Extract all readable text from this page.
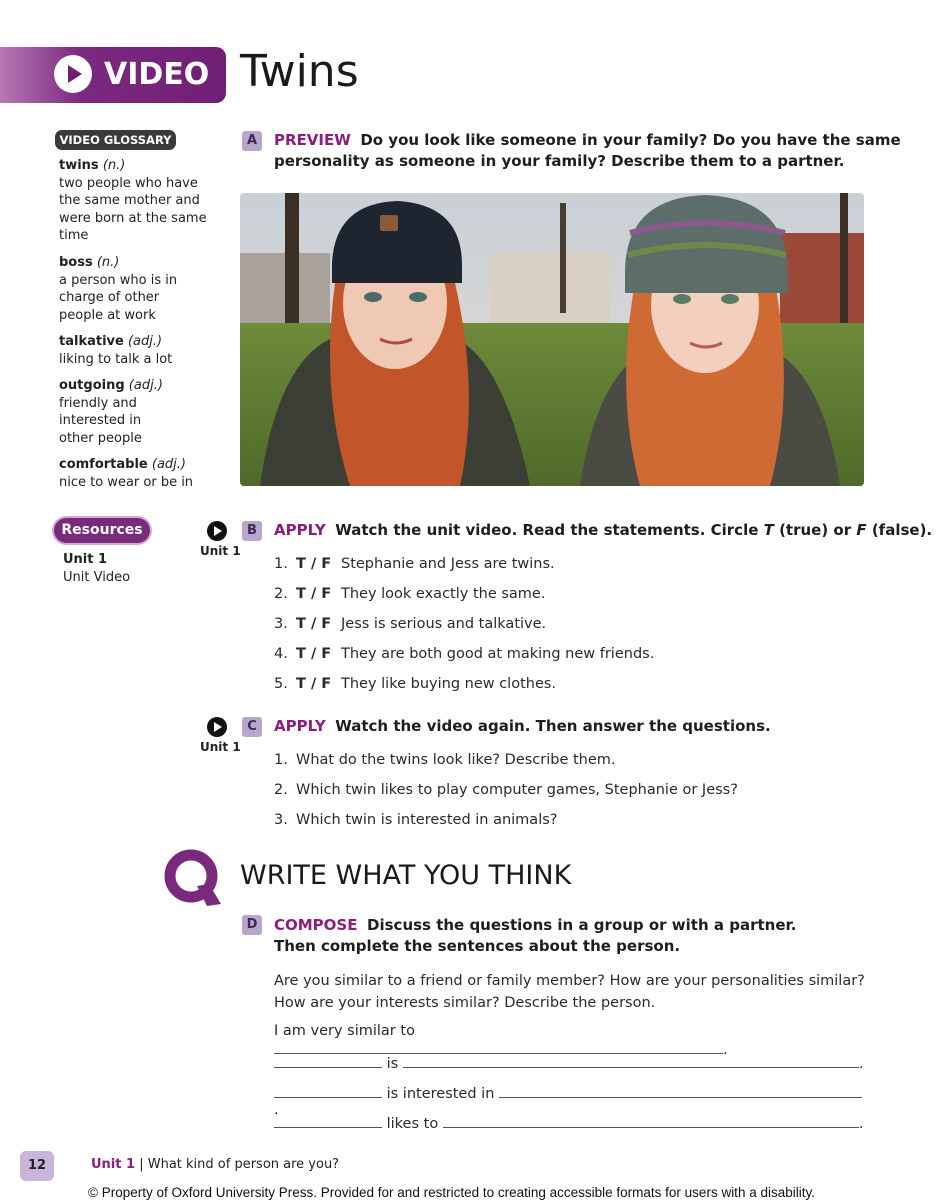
VIDEO Twins
VIDEO GLOSSARY
twins (n.)
two people who have the same mother and were born at the same time
boss (n.)
a person who is in charge of other people at work
talkative (adj.)
liking to talk a lot
outgoing (adj.)
friendly and interested in other people
comfortable (adj.)
nice to wear or be in
Resources
Unit 1
Unit Video
A	PREVIEW Do you look like someone in your family? Do you have the same
personality as someone in your family? Describe them to a partner.
Unit 1
B	APPLY Watch the unit video. Read the statements. Circle T (true) or F (false).
1. T / F Stephanie and Jess are twins.
2. T / F They look exactly the same.
3. T / F Jess is serious and talkative.
4. T / F They are both good at making new friends.
5. T / F They like buying new clothes.
Unit 1
C	APPLY Watch the video again. Then answer the questions.
1. What do the twins look like? Describe them.
2. Which twin likes to play computer games, Stephanie or Jess?
3. Which twin is interested in animals?
WRITE WHAT YOU THINK
D	COMPOSE Discuss the questions in a group or with a partner.
Then complete the sentences about the person.
Are you similar to a friend or family member? How are your personalities similar?
How are your interests similar? Describe the person.
I am very similar to .
is	.
is interested in .
likes to	.
12	Unit 1 | What kind of person are you?
© Property of Oxford University Press. Provided for and restricted to creating accessible formats for users with a disability.
